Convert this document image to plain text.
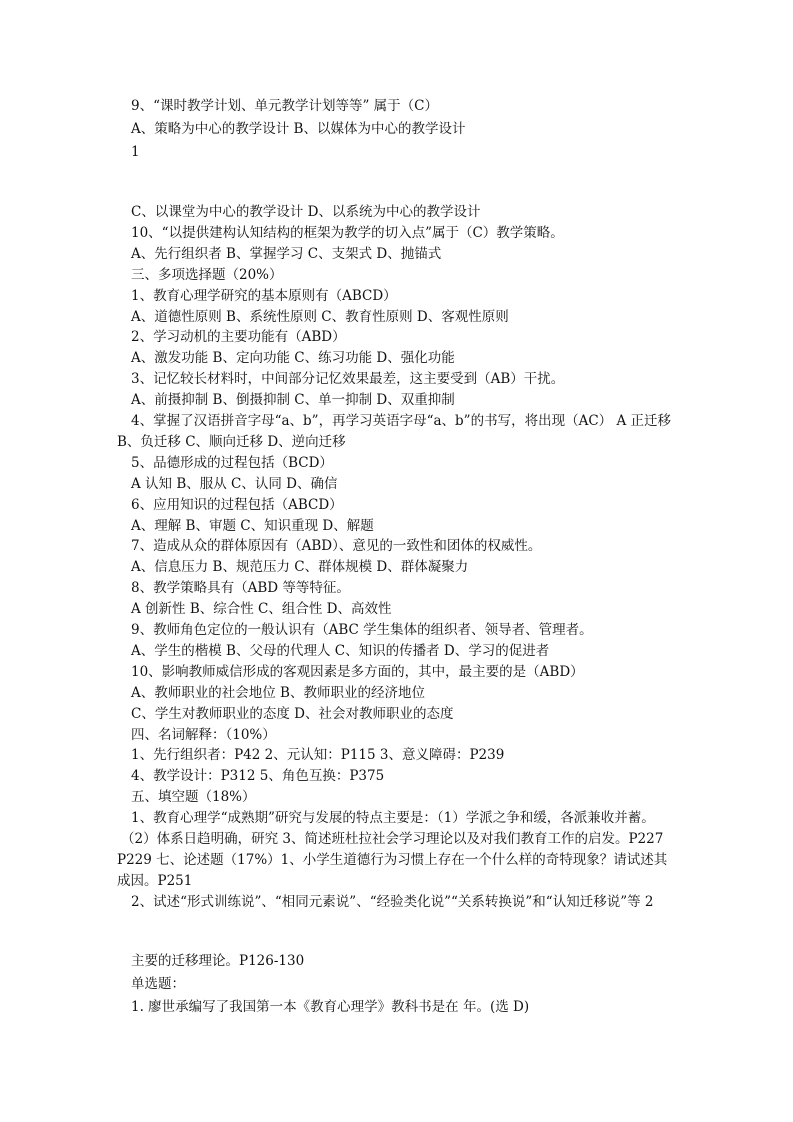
9、“课时教学计划、单元教学计划等等” 属于（C）
A、策略为中心的教学设计 B、以媒体为中心的教学设计
1
C、以课堂为中心的教学设计 D、以系统为中心的教学设计
10、“以提供建构认知结构的框架为教学的切入点”属于（C）教学策略。
A、先行组织者 B、掌握学习 C、支架式 D、抛锚式
三、多项选择题（20%）
1、教育心理学研究的基本原则有（ABCD）
A、道德性原则 B、系统性原则 C、教育性原则 D、客观性原则
2、学习动机的主要功能有（ABD）
A、激发功能 B、定向功能 C、练习功能 D、强化功能
3、记忆较长材料时，中间部分记忆效果最差，这主要受到（AB）干扰。
A、前摄抑制 B、倒摄抑制 C、单一抑制 D、双重抑制
4、掌握了汉语拼音字母“a、b”，再学习英语字母“a、b”的书写，将出现（AC） A 正迁移
B、负迁移 C、顺向迁移 D、逆向迁移
5、品德形成的过程包括（BCD）
A 认知 B、服从 C、认同 D、确信
6、应用知识的过程包括（ABCD）
A、理解 B、审题 C、知识重现 D、解题
7、造成从众的群体原因有（ABD）、意见的一致性和团体的权威性。
A、信息压力 B、规范压力 C、群体规模 D、群体凝聚力
8、教学策略具有（ABD 等等特征。
A 创新性 B、综合性 C、组合性 D、高效性
9、教师角色定位的一般认识有（ABC 学生集体的组织者、领导者、管理者。
A、学生的楷模 B、父母的代理人 C、知识的传播者 D、学习的促进者
10、影响教师威信形成的客观因素是多方面的，其中，最主要的是（ABD）
A、教师职业的社会地位 B、教师职业的经济地位
C、学生对教师职业的态度 D、社会对教师职业的态度
四、名词解释：（10%）
1、先行组织者：P42 2、元认知：P115 3、意义障碍：P239
4、教学设计：P312 5、角色互换：P375
五、填空题（18%）
1、教育心理学“成熟期”研究与发展的特点主要是：（1）学派之争和缓，各派兼收并蓄。
（2）体系日趋明确，研究 3、简述班杜拉社会学习理论以及对我们教育工作的启发。P227
P229 七、论述题（17%）1、小学生道德行为习惯上存在一个什么样的奇特现象？请试述其
成因。P251
2、试述“形式训练说”、“相同元素说”、“经验类化说”“关系转换说”和“认知迁移说”等 2
主要的迁移理论。P126-130
单选题：
1. 廖世承编写了我国第一本《教育心理学》教科书是在 年。(选 D)
